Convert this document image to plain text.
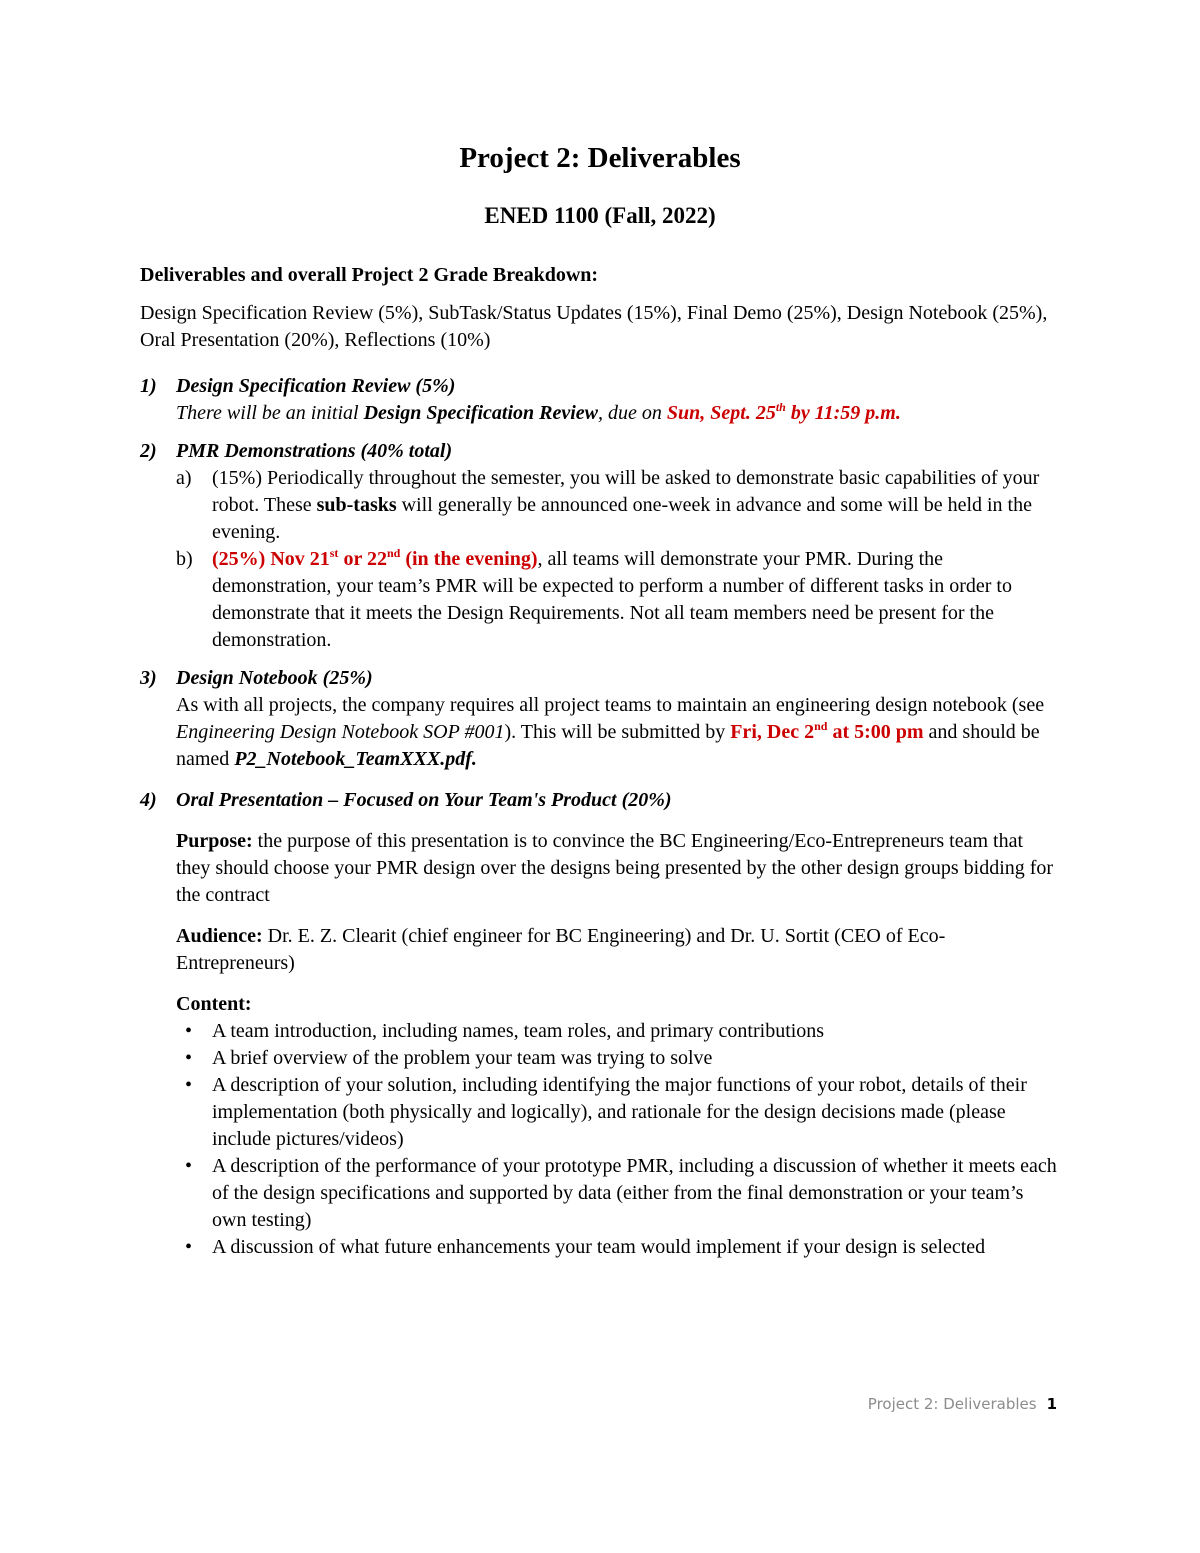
Project 2: Deliverables
ENED 1100 (Fall, 2022)

Deliverables and overall Project 2 Grade Breakdown:

Design Specification Review (5%), SubTask/Status Updates (15%), Final Demo (25%), Design Notebook (25%), Oral Presentation (20%), Reflections (10%)

1) Design Specification Review (5%)

There will be an initial Design Specification Review, due on Sun, Sept. 25th by 11:59 p.m.

2) PMR Demonstrations (40% total)

a) (15%) Periodically throughout the semester, you will be asked to demonstrate basic capabilities of your robot. These sub-tasks will generally be announced one-week in advance and some will be held in the evening.

b) (25%) Nov 21st or 22nd (in the evening), all teams will demonstrate your PMR. During the demonstration, your team’s PMR will be expected to perform a number of different tasks in order to demonstrate that it meets the Design Requirements. Not all team members need be present for the demonstration.

3) Design Notebook (25%)

As with all projects, the company requires all project teams to maintain an engineering design notebook (see Engineering Design Notebook SOP #001). This will be submitted by Fri, Dec 2nd at 5:00 pm and should be named P2_Notebook_TeamXXX.pdf.

4) Oral Presentation – Focused on Your Team's Product (20%)

Purpose: the purpose of this presentation is to convince the BC Engineering/Eco-Entrepreneurs team that they should choose your PMR design over the designs being presented by the other design groups bidding for the contract

Audience: Dr. E. Z. Clearit (chief engineer for BC Engineering) and Dr. U. Sortit (CEO of Eco-Entrepreneurs)

Content:

• A team introduction, including names, team roles, and primary contributions
• A brief overview of the problem your team was trying to solve
• A description of your solution, including identifying the major functions of your robot, details of their implementation (both physically and logically), and rationale for the design decisions made (please include pictures/videos)
• A description of the performance of your prototype PMR, including a discussion of whether it meets each of the design specifications and supported by data (either from the final demonstration or your team’s own testing)
• A discussion of what future enhancements your team would implement if your design is selected
Project 2: Deliverables 1
